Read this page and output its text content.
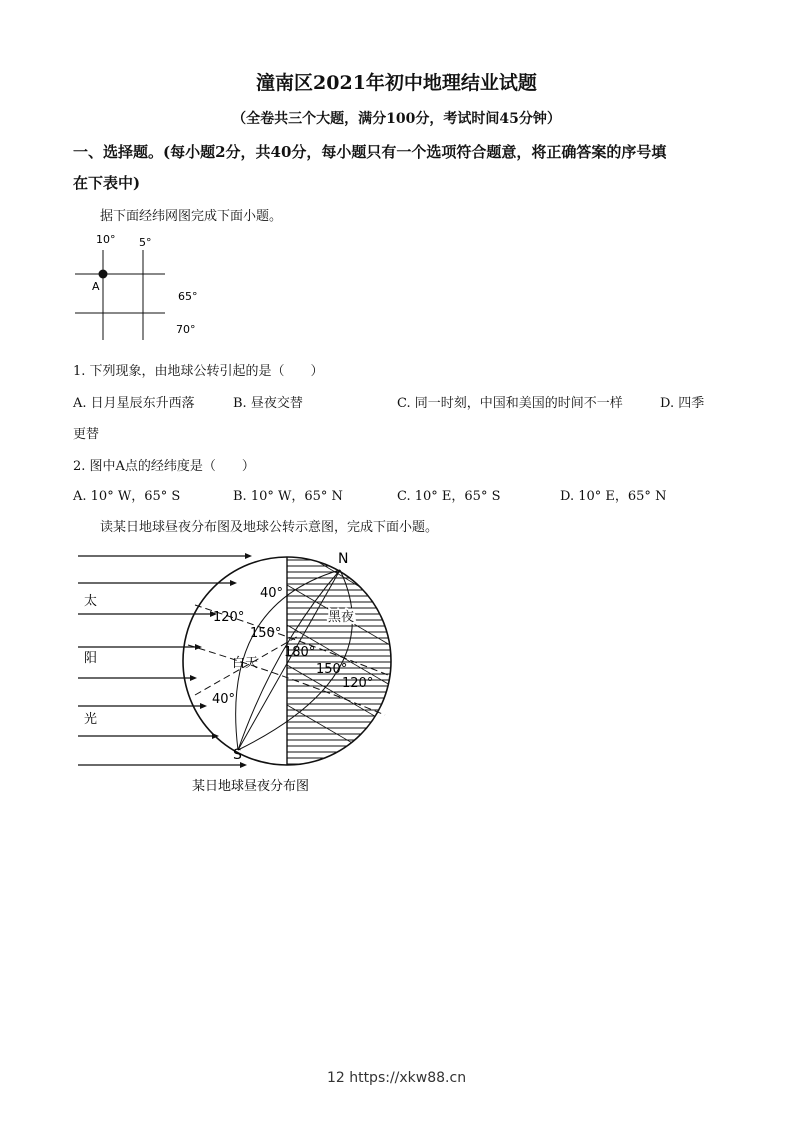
潼南区2021年初中地理结业试题
（全卷共三个大题，满分100分，考试时间45分钟）
一、选择题。(每小题2分，共40分，每小题只有一个选项符合题意，将正确答案的序号填
在下表中)
据下面经纬网图完成下面小题。
10° 5°
65°
70°
A
1. 下列现象，由地球公转引起的是（　　）
A. 日月星辰东升西落	B. 昼夜交替	C. 同一时刻，中国和美国的时间不一样	D. 四季
更替
2. 图中A点的经纬度是（　　）
A. 10° W，65° S	B. 10° W，65° N	C. 10° E，65° S	D. 10° E，65° N
读某日地球昼夜分布图及地球公转示意图，完成下面小题。
太
阳
光
N
S
黑夜
白天
40°
120°
150°
180°
150°
120°
40°
某日地球昼夜分布图
12 https://xkw88.cn
